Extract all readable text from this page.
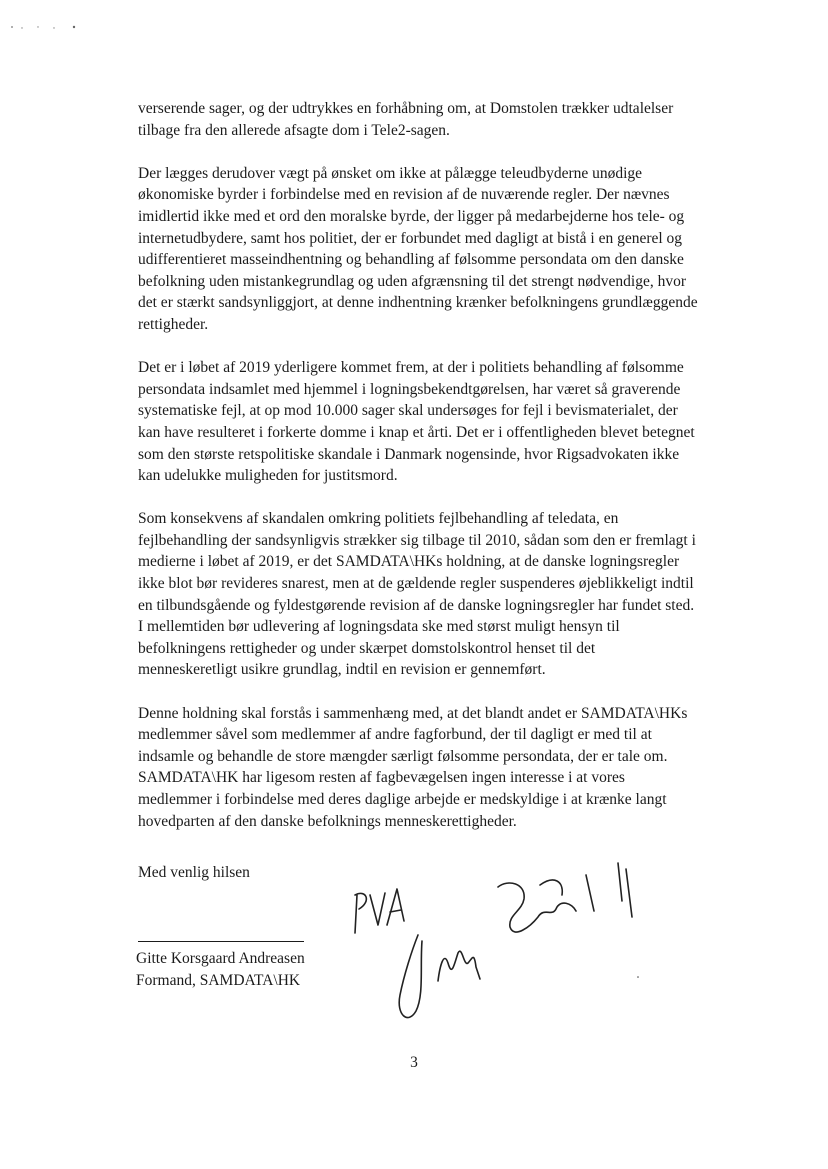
verserende sager, og der udtrykkes en forhåbning om, at Domstolen trækker udtalelser tilbage fra den allerede afsagte dom i Tele2-sagen.

Der lægges derudover vægt på ønsket om ikke at pålægge teleudbyderne unødige økonomiske byrder i forbindelse med en revision af de nuværende regler. Der nævnes imidlertid ikke med et ord den moralske byrde, der ligger på medarbejderne hos tele- og internetudbydere, samt hos politiet, der er forbundet med dagligt at bistå i en generel og udifferentieret masseindhentning og behandling af følsomme persondata om den danske befolkning uden mistankegrundlag og uden afgrænsning til det strengt nødvendige, hvor det er stærkt sandsynliggjort, at denne indhentning krænker befolkningens grundlæggende rettigheder.

Det er i løbet af 2019 yderligere kommet frem, at der i politiets behandling af følsomme persondata indsamlet med hjemmel i logningsbekendtgørelsen, har været så graverende systematiske fejl, at op mod 10.000 sager skal undersøges for fejl i bevismaterialet, der kan have resulteret i forkerte domme i knap et årti. Det er i offentligheden blevet betegnet som den største retspolitiske skandale i Danmark nogensinde, hvor Rigsadvokaten ikke kan udelukke muligheden for justitsmord.

Som konsekvens af skandalen omkring politiets fejlbehandling af teledata, en fejlbehandling der sandsynligvis strækker sig tilbage til 2010, sådan som den er fremlagt i medierne i løbet af 2019, er det SAMDATA\HKs holdning, at de danske logningsregler ikke blot bør revideres snarest, men at de gældende regler suspenderes øjeblikkeligt indtil en tilbundsgående og fyldestgørende revision af de danske logningsregler har fundet sted. I mellemtiden bør udlevering af logningsdata ske med størst muligt hensyn til befolkningens rettigheder og under skærpet domstolskontrol henset til det menneskeretligt usikre grundlag, indtil en revision er gennemført.

Denne holdning skal forstås i sammenhæng med, at det blandt andet er SAMDATA\HKs medlemmer såvel som medlemmer af andre fagforbund, der til dagligt er med til at indsamle og behandle de store mængder særligt følsomme persondata, der er tale om. SAMDATA\HK har ligesom resten af fagbevægelsen ingen interesse i at vores medlemmer i forbindelse med deres daglige arbejde er medskyldige i at krænke langt hovedparten af den danske befolknings menneskerettigheder.

Med venlig hilsen
Gitte Korsgaard Andreasen
Formand, SAMDATA\HK
3
